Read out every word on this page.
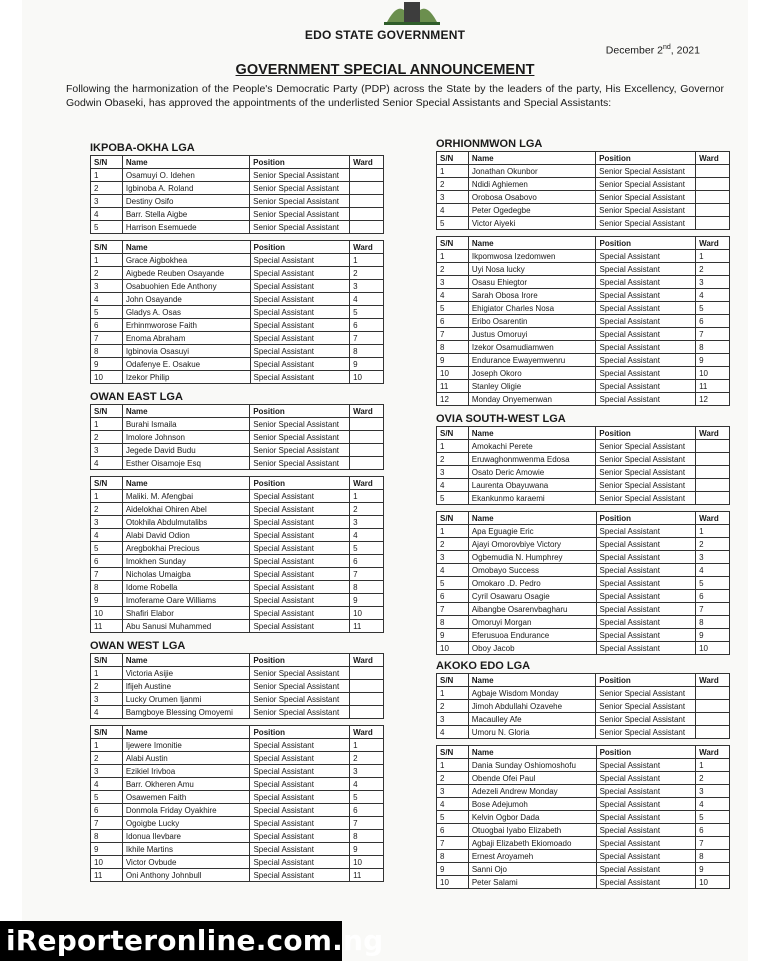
EDO STATE GOVERNMENT
December 2nd, 2021
GOVERNMENT SPECIAL ANNOUNCEMENT
Following the harmonization of the People's Democratic Party (PDP) across the State by the leaders of the party, His Excellency, Governor Godwin Obaseki, has approved the appointments of the underlisted Senior Special Assistants and Special Assistants:
IKPOBA-OKHA LGA
S/N	Name	Position	Ward
1	Osamuyi O. Idehen	Senior Special Assistant	
2	Igbinoba A. Roland	Senior Special Assistant	
3	Destiny Osifo	Senior Special Assistant	
4	Barr. Stella Aigbe	Senior Special Assistant	
5	Harrison Esemuede	Senior Special Assistant	
S/N	Name	Position	Ward
1	Grace Aigbokhea	Special Assistant	1
2	Aigbede Reuben Osayande	Special Assistant	2
3	Osabuohien Ede Anthony	Special Assistant	3
4	John Osayande	Special Assistant	4
5	Gladys A. Osas	Special Assistant	5
6	Erhinmworose Faith	Special Assistant	6
7	Enoma Abraham	Special Assistant	7
8	Igbinovia Osasuyi	Special Assistant	8
9	Odafenye E. Osakue	Special Assistant	9
10	Izekor Philip	Special Assistant	10
OWAN EAST LGA
S/N	Name	Position	Ward
1	Burahi Ismaila	Senior Special Assistant	
2	Imolore Johnson	Senior Special Assistant	
3	Jegede David Budu	Senior Special Assistant	
4	Esther Oisamoje Esq	Senior Special Assistant	
S/N	Name	Position	Ward
1	Maliki. M. Afengbai	Special Assistant	1
2	Aidelokhai Ohiren Abel	Special Assistant	2
3	Otokhila Abdulmutalibs	Special Assistant	3
4	Alabi David Odion	Special Assistant	4
5	Aregbokhai Precious	Special Assistant	5
6	Imokhen Sunday	Special Assistant	6
7	Nicholas Umaigba	Special Assistant	7
8	Idome Robella	Special Assistant	8
9	Imoferame Oare Williams	Special Assistant	9
10	Shafiri Elabor	Special Assistant	10
11	Abu Sanusi Muhammed	Special Assistant	11
OWAN WEST LGA
S/N	Name	Position	Ward
1	Victoria Asijie	Senior Special Assistant	
2	Ifijeh Austine	Senior Special Assistant	
3	Lucky Orumen Ijanmi	Senior Special Assistant	
4	Bamgboye Blessing Omoyemi	Senior Special Assistant	
S/N	Name	Position	Ward
1	Ijewere Imonitie	Special Assistant	1
2	Alabi Austin	Special Assistant	2
3	Ezikiel Irivboa	Special Assistant	3
4	Barr. Okheren Amu	Special Assistant	4
5	Osawemen Faith	Special Assistant	5
6	Donmola Friday Oyakhire	Special Assistant	6
7	Ogoigbe Lucky	Special Assistant	7
8	Idonua Ilevbare	Special Assistant	8
9	Ikhile Martins	Special Assistant	9
10	Victor Ovbude	Special Assistant	10
11	Oni Anthony Johnbull	Special Assistant	11
ORHIONMWON LGA
S/N	Name	Position	Ward
1	Jonathan Okunbor	Senior Special Assistant	
2	Ndidi Aghiemen	Senior Special Assistant	
3	Orobosa Osabovo	Senior Special Assistant	
4	Peter Ogedegbe	Senior Special Assistant	
5	Victor Aiyeki	Senior Special Assistant	
S/N	Name	Position	Ward
1	Ikpomwosa Izedomwen	Special Assistant	1
2	Uyi Nosa lucky	Special Assistant	2
3	Osasu Ehiegtor	Special Assistant	3
4	Sarah Obosa Irore	Special Assistant	4
5	Ehigiator Charles Nosa	Special Assistant	5
6	Eribo Osarentin	Special Assistant	6
7	Justus Omoruyi	Special Assistant	7
8	Izekor Osamudiamwen	Special Assistant	8
9	Endurance Ewayemwenru	Special Assistant	9
10	Joseph Okoro	Special Assistant	10
11	Stanley Oligie	Special Assistant	11
12	Monday Onyemenwan	Special Assistant	12
OVIA SOUTH-WEST LGA
S/N	Name	Position	Ward
1	Amokachi Perete	Senior Special Assistant	
2	Eruwaghonmwenma Edosa	Senior Special Assistant	
3	Osato Deric Amowie	Senior Special Assistant	
4	Laurenta Obayuwana	Senior Special Assistant	
5	Ekankunmo karaemi	Senior Special Assistant	
S/N	Name	Position	Ward
1	Apa Eguagie Eric	Special Assistant	1
2	Ajayi Omorovbiye Victory	Special Assistant	2
3	Ogbemudia N. Humphrey	Special Assistant	3
4	Omobayo Success	Special Assistant	4
5	Omokaro .D. Pedro	Special Assistant	5
6	Cyril Osawaru Osagie	Special Assistant	6
7	Aibangbe Osarenvbagharu	Special Assistant	7
8	Omoruyi Morgan	Special Assistant	8
9	Eferusuoa Endurance	Special Assistant	9
10	Oboy Jacob	Special Assistant	10
AKOKO EDO LGA
S/N	Name	Position	Ward
1	Agbaje Wisdom Monday	Senior Special Assistant	
2	Jimoh Abdullahi Ozavehe	Senior Special Assistant	
3	Macaulley Afe	Senior Special Assistant	
4	Umoru N. Gloria	Senior Special Assistant	
S/N	Name	Position	Ward
1	Dania Sunday Oshiomoshofu	Special Assistant	1
2	Obende Ofei Paul	Special Assistant	2
3	Adezeli Andrew Monday	Special Assistant	3
4	Bose Adejumoh	Special Assistant	4
5	Kelvin Ogbor Dada	Special Assistant	5
6	Otuogbai Iyabo Elizabeth	Special Assistant	6
7	Agbaji Elizabeth Ekiomoado	Special Assistant	7
8	Ernest Aroyameh	Special Assistant	8
9	Sanni Ojo	Special Assistant	9
10	Peter Salami	Special Assistant	10
iReporteronline.com.ng
